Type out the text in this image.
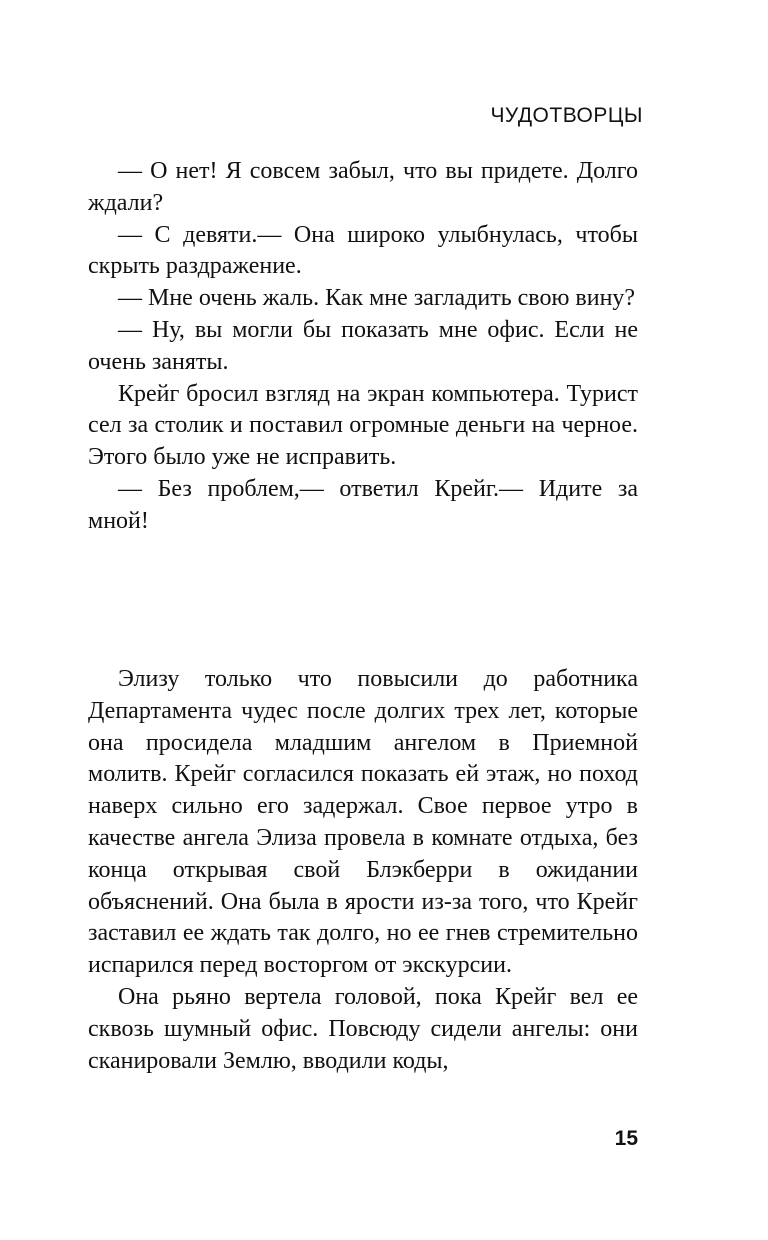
ЧУДОТВОРЦЫ

— О нет! Я совсем забыл, что вы придете. Долго ждали?

— С девяти.— Она широко улыбнулась, чтобы скрыть раздражение.

— Мне очень жаль. Как мне загладить свою вину?

— Ну, вы могли бы показать мне офис. Если не очень заняты.

Крейг бросил взгляд на экран компьютера. Турист сел за столик и поставил огромные деньги на черное. Этого было уже не исправить.

— Без проблем,— ответил Крейг.— Идите за мной!

Элизу только что повысили до работника Департамента чудес после долгих трех лет, которые она просидела младшим ангелом в Приемной молитв. Крейг согласился показать ей этаж, но поход наверх сильно его задержал. Свое первое утро в качестве ангела Элиза провела в комнате отдыха, без конца открывая свой Блэкберри в ожидании объяснений. Она была в ярости из-за того, что Крейг заставил ее ждать так долго, но ее гнев стремительно испарился перед восторгом от экскурсии.

Она рьяно вертела головой, пока Крейг вел ее сквозь шумный офис. Повсюду сидели ангелы: они сканировали Землю, вводили коды,

15
